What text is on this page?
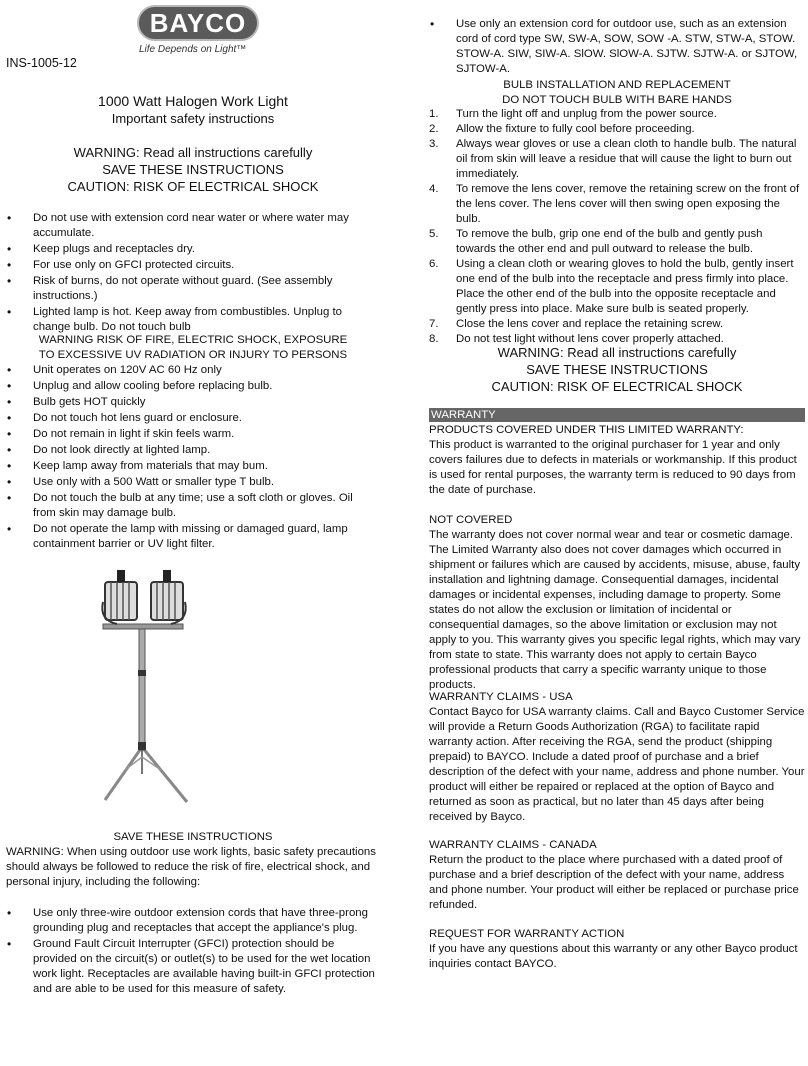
BAYCO
Life Depends on Light™
INS-1005-12
1000 Watt Halogen Work Light
Important safety instructions
WARNING: Read all instructions carefully
SAVE THESE INSTRUCTIONS
CAUTION: RISK OF ELECTRICAL SHOCK
• Do not use with extension cord near water or where water may accumulate.
• Keep plugs and receptacles dry.
• For use only on GFCI protected circuits.
• Risk of burns, do not operate without guard. (See assembly instructions.)
• Lighted lamp is hot. Keep away from combustibles. Unplug to change bulb. Do not touch bulb
WARNING RISK OF FIRE, ELECTRIC SHOCK, EXPOSURE
TO EXCESSIVE UV RADIATION OR INJURY TO PERSONS
• Unit operates on 120V AC 60 Hz only
• Unplug and allow cooling before replacing bulb.
• Bulb gets HOT quickly
• Do not touch hot lens guard or enclosure.
• Do not remain in light if skin feels warm.
• Do not look directly at lighted lamp.
• Keep lamp away from materials that may bum.
• Use only with a 500 Watt or smaller type T bulb.
• Do not touch the bulb at any time; use a soft cloth or gloves. Oil from skin may damage bulb.
• Do not operate the lamp with missing or damaged guard, lamp containment barrier or UV light filter.
SAVE THESE INSTRUCTIONS
WARNING: When using outdoor use work lights, basic safety precautions should always be followed to reduce the risk of fire, electrical shock, and personal injury, including the following:
• Use only three-wire outdoor extension cords that have three-prong grounding plug and receptacles that accept the appliance's plug.
• Ground Fault Circuit Interrupter (GFCI) protection should be provided on the circuit(s) or outlet(s) to be used for the wet location work light. Receptacles are available having built-in GFCI protection and are able to be used for this measure of safety.
• Use only an extension cord for outdoor use, such as an extension cord of cord type SW, SW-A, SOW, SOW -A. STW, STW-A, STOW. STOW-A. SIW, SIW-A. SlOW. SlOW-A. SJTW. SJTW-A. or SJTOW, SJTOW-A.
BULB INSTALLATION AND REPLACEMENT
DO NOT TOUCH BULB WITH BARE HANDS
1. Turn the light off and unplug from the power source.
2. Allow the fixture to fully cool before proceeding.
3. Always wear gloves or use a clean cloth to handle bulb. The natural oil from skin will leave a residue that will cause the light to burn out immediately.
4. To remove the lens cover, remove the retaining screw on the front of the lens cover. The lens cover will then swing open exposing the bulb.
5. To remove the bulb, grip one end of the bulb and gently push towards the other end and pull outward to release the bulb.
6. Using a clean cloth or wearing gloves to hold the bulb, gently insert one end of the bulb into the receptacle and press firmly into place. Place the other end of the bulb into the opposite receptacle and gently press into place. Make sure bulb is seated properly.
7. Close the lens cover and replace the retaining screw.
8. Do not test light without lens cover properly attached.
WARNING: Read all instructions carefully
SAVE THESE INSTRUCTIONS
CAUTION: RISK OF ELECTRICAL SHOCK
WARRANTY
PRODUCTS COVERED UNDER THIS LIMITED WARRANTY:
This product is warranted to the original purchaser for 1 year and only covers failures due to defects in materials or workmanship. If this product is used for rental purposes, the warranty term is reduced to 90 days from the date of purchase.
NOT COVERED
The warranty does not cover normal wear and tear or cosmetic damage. The Limited Warranty also does not cover damages which occurred in shipment or failures which are caused by accidents, misuse, abuse, faulty installation and lightning damage. Consequential damages, incidental damages or incidental expenses, including damage to property. Some states do not allow the exclusion or limitation of incidental or consequential damages, so the above limitation or exclusion may not apply to you. This warranty gives you specific legal rights, which may vary from state to state. This warranty does not apply to certain Bayco professional products that carry a specific warranty unique to those products.
WARRANTY CLAIMS - USA
Contact Bayco for USA warranty claims. Call and Bayco Customer Service will provide a Return Goods Authorization (RGA) to facilitate rapid warranty action. After receiving the RGA, send the product (shipping prepaid) to BAYCO. Include a dated proof of purchase and a brief description of the defect with your name, address and phone number. Your product will either be repaired or replaced at the option of Bayco and returned as soon as practical, but no later than 45 days after being received by Bayco.
WARRANTY CLAIMS - CANADA
Return the product to the place where purchased with a dated proof of purchase and a brief description of the defect with your name, address and phone number. Your product will either be replaced or purchase price refunded.
REQUEST FOR WARRANTY ACTION
If you have any questions about this warranty or any other Bayco product inquiries contact BAYCO.
